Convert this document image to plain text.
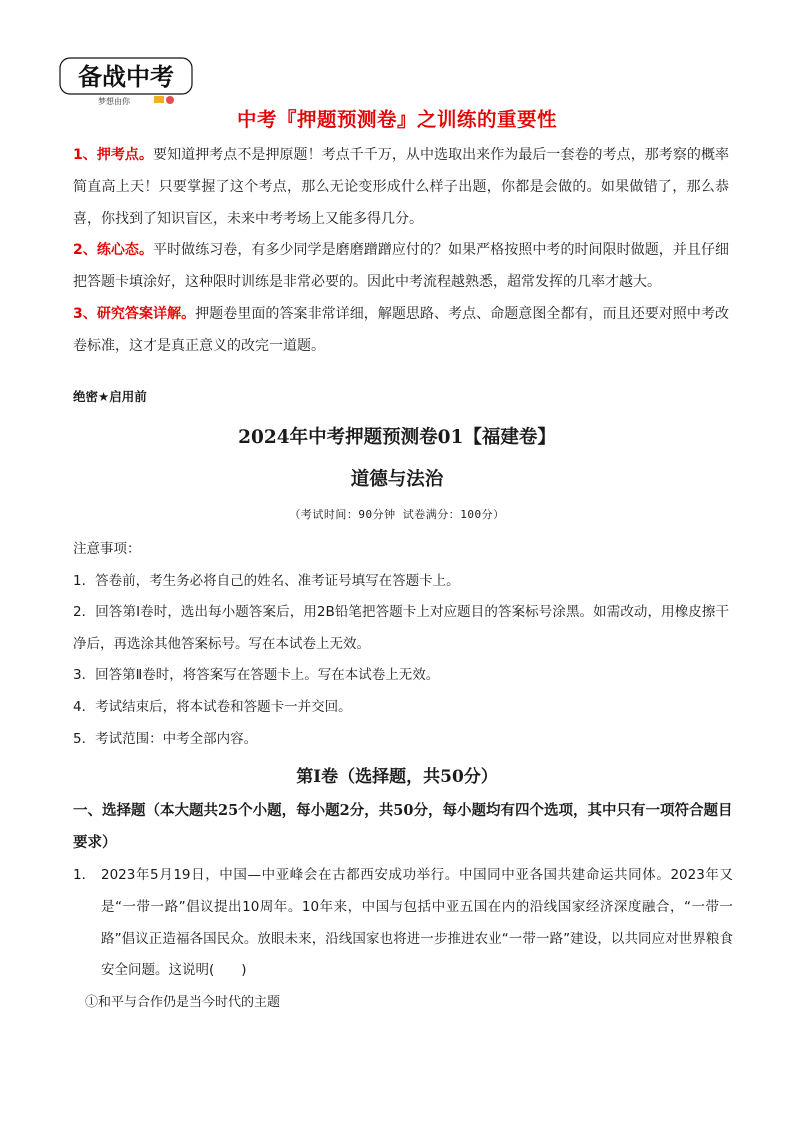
备战中考
梦想由你
中考『押题预测卷』之训练的重要性

1、押考点。要知道押考点不是押原题！考点千千万，从中选取出来作为最后一套卷的考点，那考察的概率简直高上天！只要掌握了这个考点，那么无论变形成什么样子出题，你都是会做的。如果做错了，那么恭喜，你找到了知识盲区，未来中考考场上又能多得几分。

2、练心态。平时做练习卷，有多少同学是磨磨蹭蹭应付的？如果严格按照中考的时间限时做题，并且仔细把答题卡填涂好，这种限时训练是非常必要的。因此中考流程越熟悉，超常发挥的几率才越大。

3、研究答案详解。押题卷里面的答案非常详细，解题思路、考点、命题意图全都有，而且还要对照中考改卷标准，这才是真正意义的改完一道题。

绝密★启用前
2024年中考押题预测卷01【福建卷】
道德与法治
（考试时间：90分钟 试卷满分：100分）

注意事项：

1．答卷前，考生务必将自己的姓名、准考证号填写在答题卡上。

2．回答第Ⅰ卷时，选出每小题答案后，用2B铅笔把答题卡上对应题目的答案标号涂黑。如需改动，用橡皮擦干净后，再选涂其他答案标号。写在本试卷上无效。

3．回答第Ⅱ卷时，将答案写在答题卡上。写在本试卷上无效。

4．考试结束后，将本试卷和答题卡一并交回。

5．考试范围：中考全部内容。

第Ⅰ卷（选择题，共50分）
一、选择题（本大题共25个小题，每小题2分，共50分，每小题均有四个选项，其中只有一项符合题目要求）
1． 2023年5月19日，中国—中亚峰会在古都西安成功举行。中国同中亚各国共建命运共同体。2023年又是“一带一路”倡议提出10周年。10年来，中国与包括中亚五国在内的沿线国家经济深度融合，“一带一路”倡议正造福各国民众。放眼未来，沿线国家也将进一步推进农业“一带一路”建设，以共同应对世界粮食安全问题。这说明(　　)

①和平与合作仍是当今时代的主题
